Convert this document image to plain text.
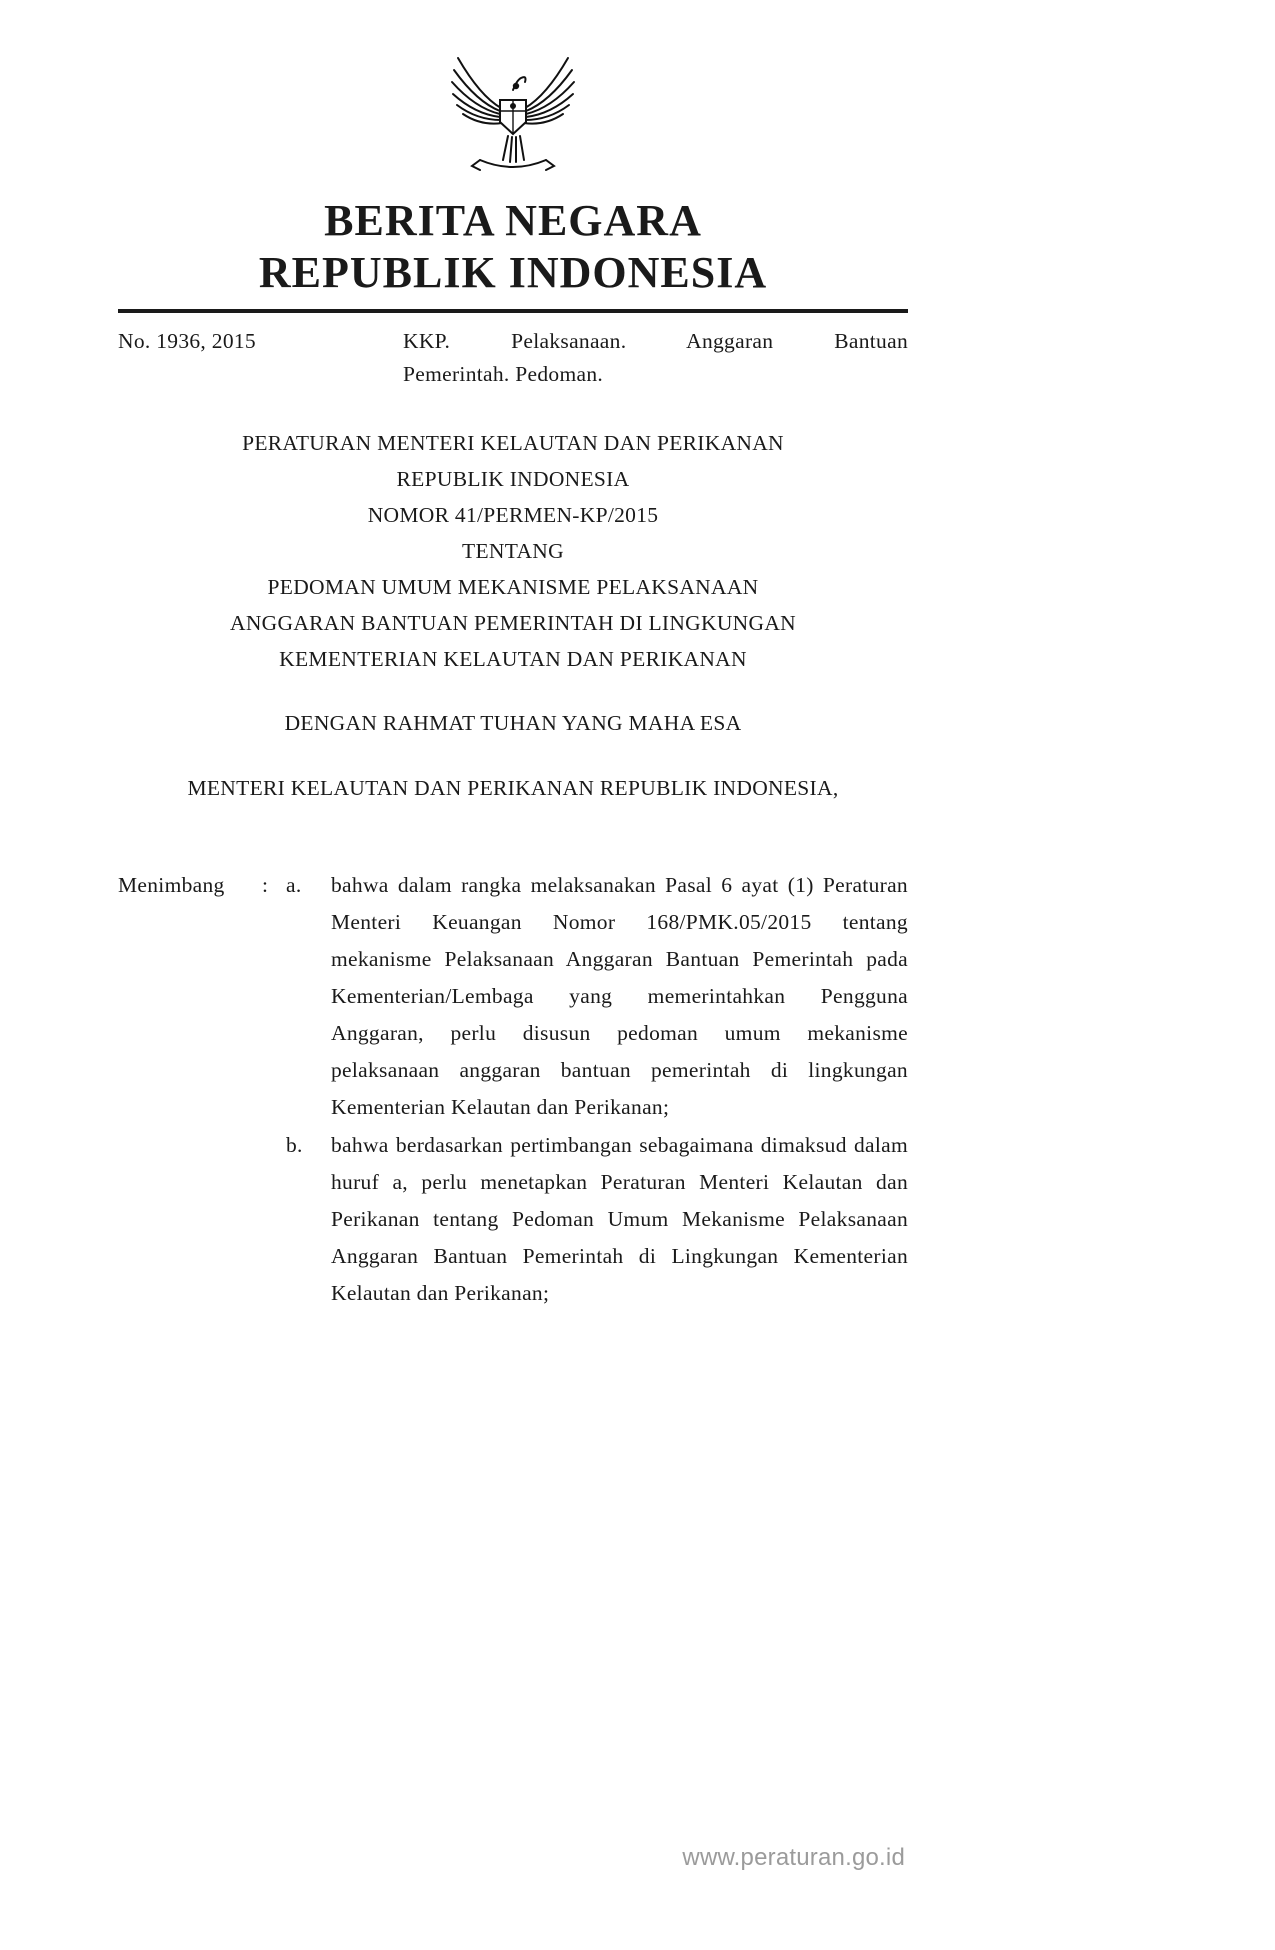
BERITA NEGARA
REPUBLIK INDONESIA
No. 1936, 2015	KKP. Pelaksanaan. Anggaran Bantuan
Pemerintah. Pedoman.
PERATURAN MENTERI KELAUTAN DAN PERIKANAN
REPUBLIK INDONESIA
NOMOR 41/PERMEN-KP/2015
TENTANG
PEDOMAN UMUM MEKANISME PELAKSANAAN
ANGGARAN BANTUAN PEMERINTAH DI LINGKUNGAN
KEMENTERIAN KELAUTAN DAN PERIKANAN
DENGAN RAHMAT TUHAN YANG MAHA ESA
MENTERI KELAUTAN DAN PERIKANAN REPUBLIK INDONESIA,
Menimbang	: a.	bahwa dalam rangka melaksanakan Pasal 6 ayat (1) Peraturan Menteri Keuangan Nomor 168/PMK.05/2015 tentang mekanisme Pelaksanaan Anggaran Bantuan Pemerintah pada Kementerian/Lembaga yang memerintahkan Pengguna Anggaran, perlu disusun pedoman umum mekanisme pelaksanaan anggaran bantuan pemerintah di lingkungan Kementerian Kelautan dan Perikanan;
b.	bahwa berdasarkan pertimbangan sebagaimana dimaksud dalam huruf a, perlu menetapkan Peraturan Menteri Kelautan dan Perikanan tentang Pedoman Umum Mekanisme Pelaksanaan Anggaran Bantuan Pemerintah di Lingkungan Kementerian Kelautan dan Perikanan;
www.peraturan.go.id
